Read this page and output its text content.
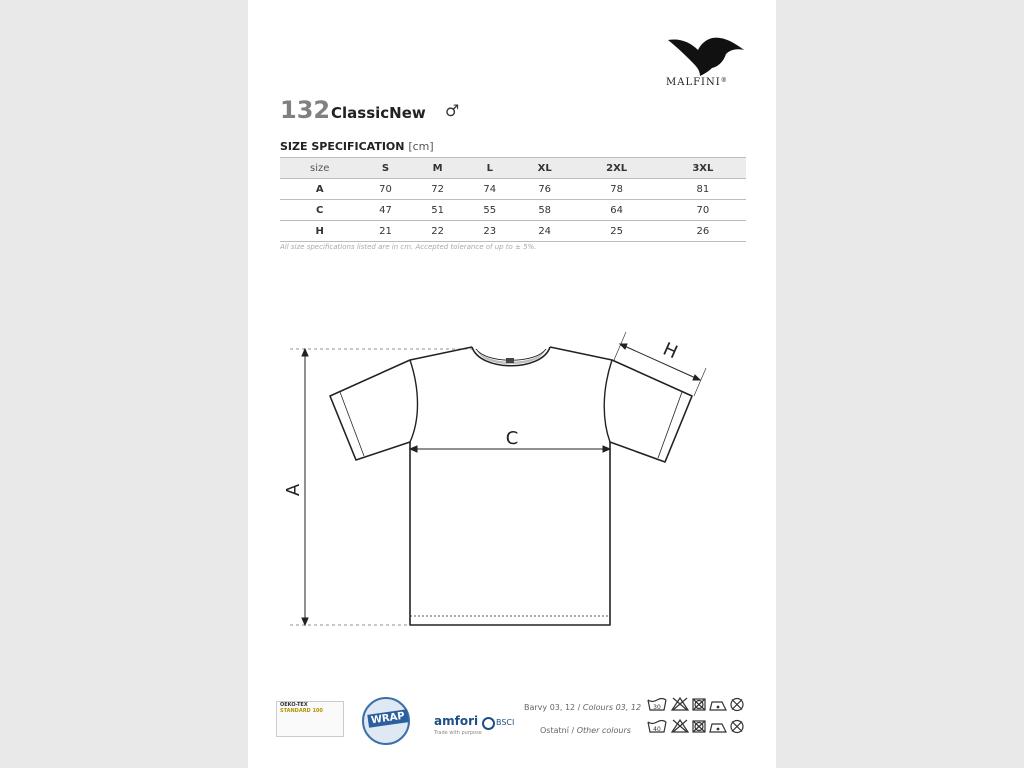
MALFINI®
132 ClassicNew ♂
SIZE SPECIFICATION [cm]
size	S	M	L	XL	2XL	3XL
A	70	72	74	76	78	81
C	47	51	55	58	64	70
H	21	22	23	24	25	26
All size specifications listed are in cm. Accepted tolerance of up to ± 5%.
A
C
H
OEKO-TEX
STANDARD 100	WRAP amfori BSCI
Trade with purpose
Barvy 03, 12 / Colours 03, 12
Ostatní / Other colours
30
40
